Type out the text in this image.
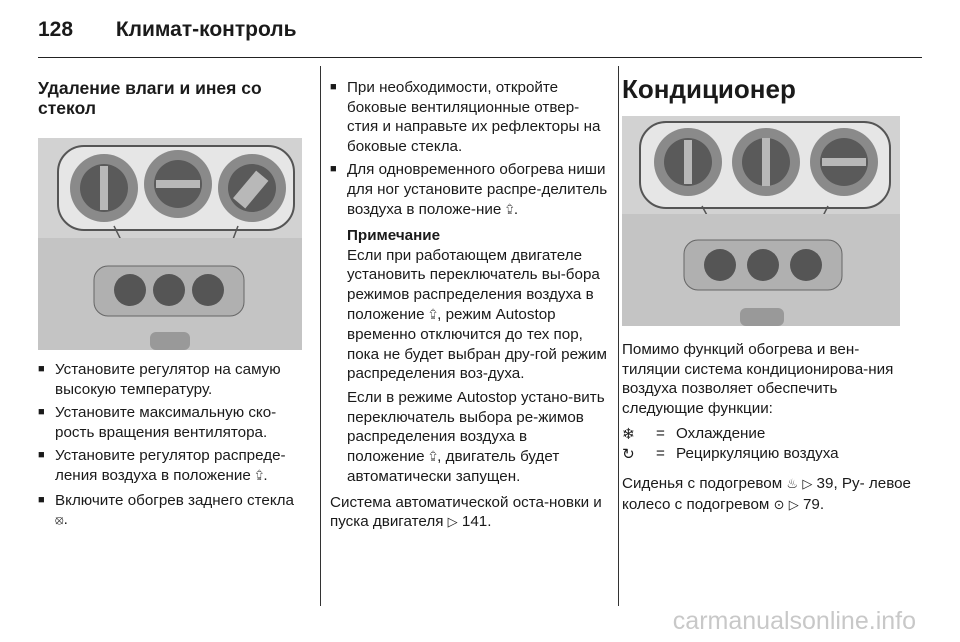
128 Климат-контроль
Удаление влаги и инея со стекол
■ Установите регулятор на самую высокую температуру.
■ Установите максимальную ско-рость вращения вентилятора.
■ Установите регулятор распреде-ления воздуха в положение ⮸.
■ Включите обогрев заднего стекла ⦻.
■ При необходимости, откройте боковые вентиляционные отвер-стия и направьте их рефлекторы на боковые стекла.
■ Для одновременного обогрева ниши для ног установите распре-делитель воздуха в положе-ние ⮸.
Примечание

Если при работающем двигателе установить переключатель вы-бора режимов распределения воздуха в положение ⮸, режим Autostop временно отключится до тех пор, пока не будет выбран дру-гой режим распределения воз-духа.

Если в режиме Autostop устано-вить переключатель выбора ре-жимов распределения воздуха в положение ⮸, двигатель будет автоматически запущен.

Система автоматической оста-новки и пуска двигателя ▷ 141.

Кондиционер

Помимо функций обогрева и вен-тиляции система кондиционирова-ния воздуха позволяет обеспечить следующие функции:

❄	= Охлаждение
↻	= Рециркуляцию воздуха

Сиденья с подогревом ♨ ▷ 39, Ру- левое колесо с подогревом ⊙ ▷ 79.

carmanualsonline.info
